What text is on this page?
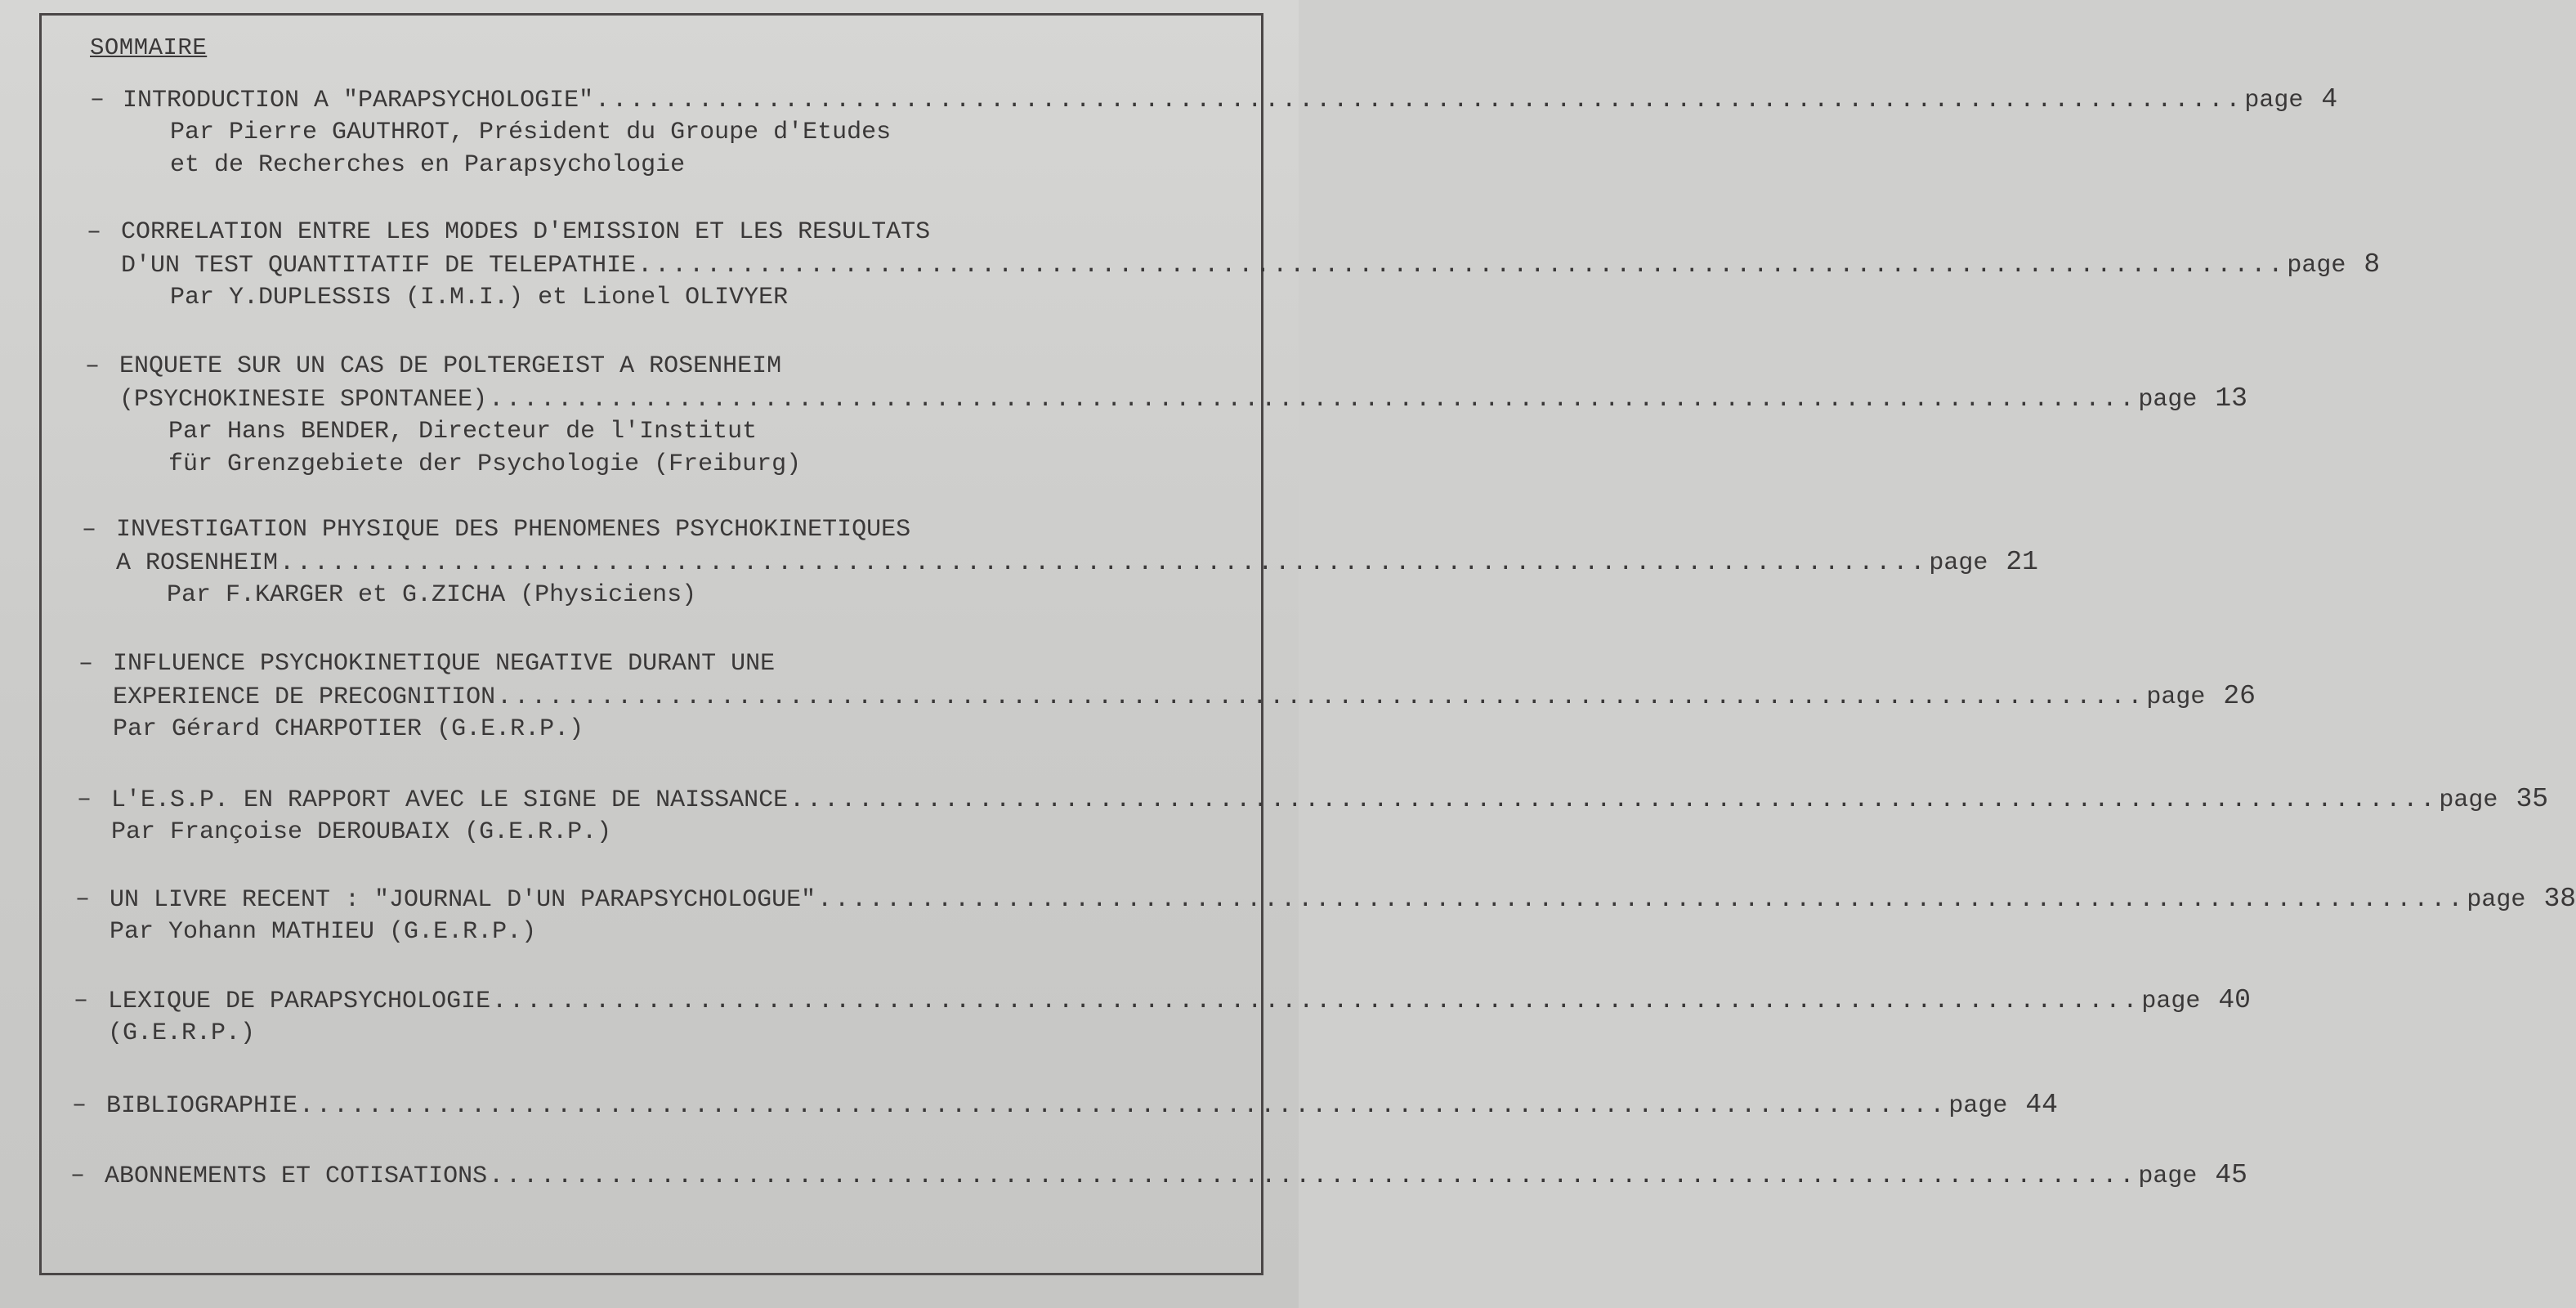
SOMMAIRE
– INTRODUCTION A "PARAPSYCHOLOGIE" ................................................................................................ page 4
Par Pierre GAUTHROT, Président du Groupe d'Etudes
et de Recherches en Parapsychologie
– CORRELATION ENTRE LES MODES D'EMISSION ET LES RESULTATS
D'UN TEST QUANTITATIF DE TELEPATHIE ................................................................................................ page 8
Par Y.DUPLESSIS (I.M.I.) et Lionel OLIVYER
– ENQUETE SUR UN CAS DE POLTERGEIST A ROSENHEIM
(PSYCHOKINESIE SPONTANEE) ................................................................................................ page 13
Par Hans BENDER, Directeur de l'Institut
für Grenzgebiete der Psychologie (Freiburg)
– INVESTIGATION PHYSIQUE DES PHENOMENES PSYCHOKINETIQUES
A ROSENHEIM ................................................................................................ page 21
Par F.KARGER et G.ZICHA (Physiciens)
– INFLUENCE PSYCHOKINETIQUE NEGATIVE DURANT UNE
EXPERIENCE DE PRECOGNITION ................................................................................................ page 26
Par Gérard CHARPOTIER (G.E.R.P.)
– L'E.S.P. EN RAPPORT AVEC LE SIGNE DE NAISSANCE ................................................................................................ page 35
Par Françoise DEROUBAIX (G.E.R.P.)
– UN LIVRE RECENT : "JOURNAL D'UN PARAPSYCHOLOGUE" ................................................................................................ page 38
Par Yohann MATHIEU (G.E.R.P.)
– LEXIQUE DE PARAPSYCHOLOGIE ................................................................................................ page 40
(G.E.R.P.)
– BIBLIOGRAPHIE ................................................................................................ page 44
– ABONNEMENTS ET COTISATIONS ................................................................................................ page 45
